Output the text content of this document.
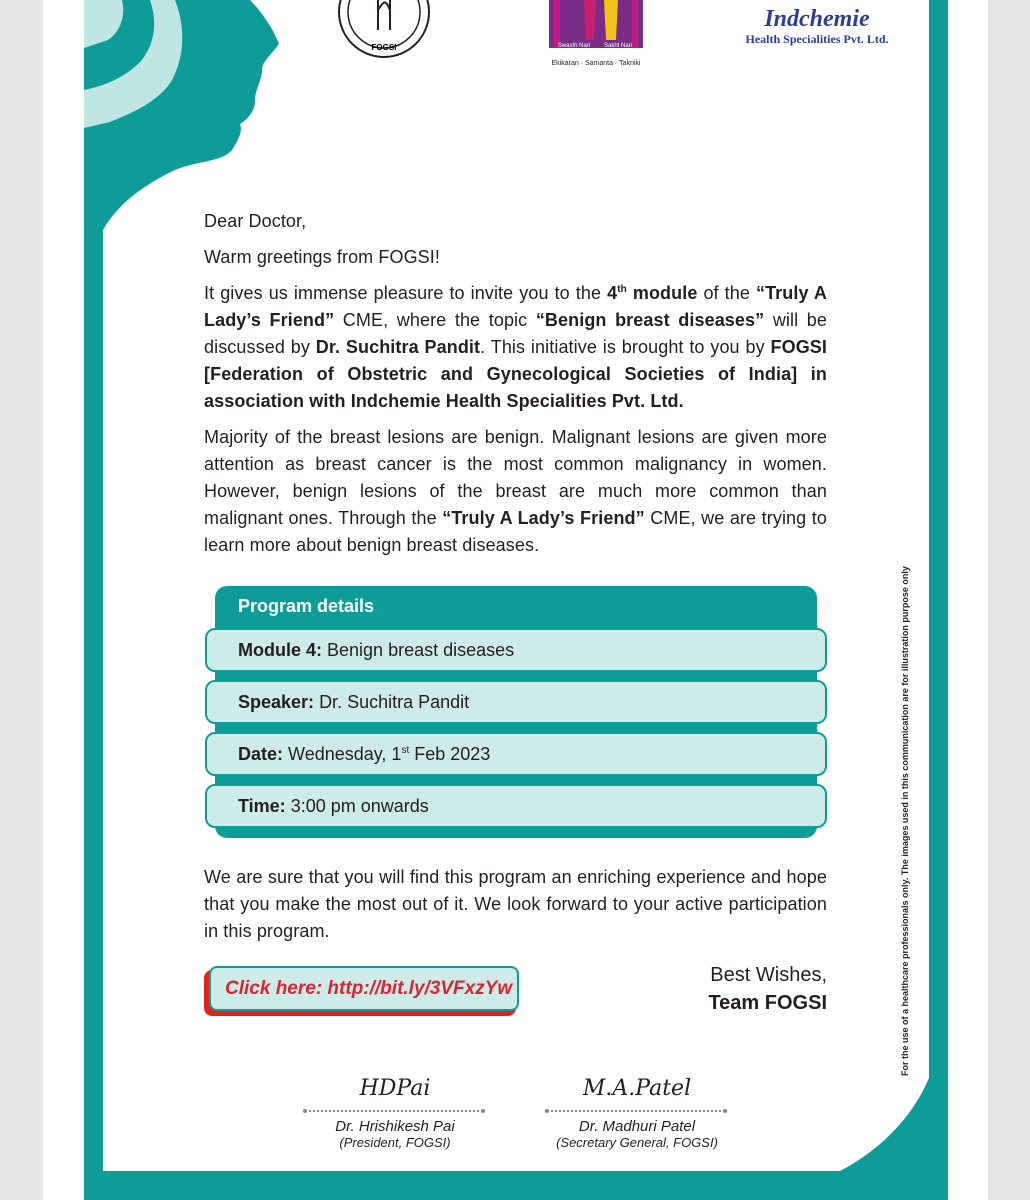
FOGSI	Swasth Nari Sakht Nari
Ekikaran · Samanta · Takniki
Indchemie
Health Specialities Pvt. Ltd.

Dear Doctor,

Warm greetings from FOGSI!

It gives us immense pleasure to invite you to the 4th module of the “Truly A Lady’s Friend” CME, where the topic “Benign breast diseases” will be discussed by Dr. Suchitra Pandit. This initiative is brought to you by FOGSI [Federation of Obstetric and Gynecological Societies of India] in association with Indchemie Health Specialities Pvt. Ltd.

Majority of the breast lesions are benign. Malignant lesions are given more attention as breast cancer is the most common malignancy in women. However, benign lesions of the breast are much more common than malignant ones. Through the “Truly A Lady’s Friend” CME, we are trying to learn more about benign breast diseases.

Program details
Module 4: Benign breast diseases
Speaker: Dr. Suchitra Pandit
Date: Wednesday, 1st Feb 2023
Time: 3:00 pm onwards

We are sure that you will find this program an enriching experience and hope that you make the most out of it. We look forward to your active participation in this program.

Click here: http://bit.ly/3VFxzYw
Best Wishes,
Team FOGSI
HDPai
Dr. Hrishikesh Pai
(President, FOGSI)
M.A.Patel
Dr. Madhuri Patel
(Secretary General, FOGSI)
For the use of a healthcare professionals only. The images used in this communication are for illustration purpose only
